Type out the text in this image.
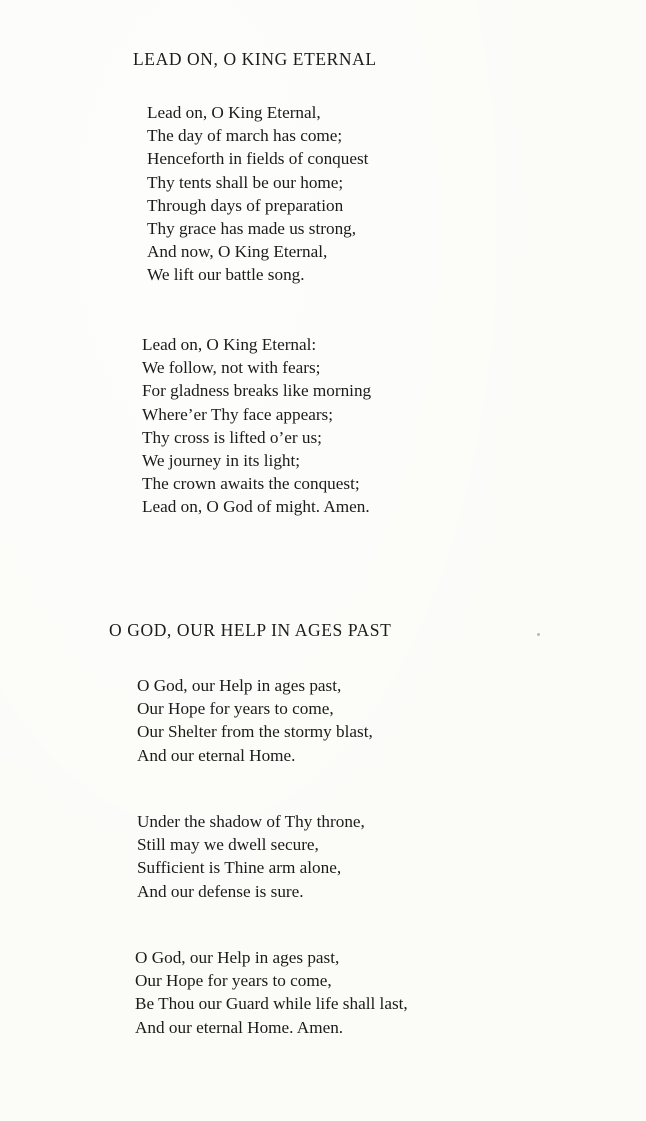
LEAD ON, O KING ETERNAL
Lead on, O King Eternal,
The day of march has come;
Henceforth in fields of conquest
Thy tents shall be our home;
Through days of preparation
Thy grace has made us strong,
And now, O King Eternal,
We lift our battle song.
Lead on, O King Eternal:
We follow, not with fears;
For gladness breaks like morning
Where’er Thy face appears;
Thy cross is lifted o’er us;
We journey in its light;
The crown awaits the conquest;
Lead on, O God of might. Amen.
O GOD, OUR HELP IN AGES PAST
O God, our Help in ages past,
Our Hope for years to come,
Our Shelter from the stormy blast,
And our eternal Home.
Under the shadow of Thy throne,
Still may we dwell secure,
Sufficient is Thine arm alone,
And our defense is sure.
O God, our Help in ages past,
Our Hope for years to come,
Be Thou our Guard while life shall last,
And our eternal Home. Amen.
